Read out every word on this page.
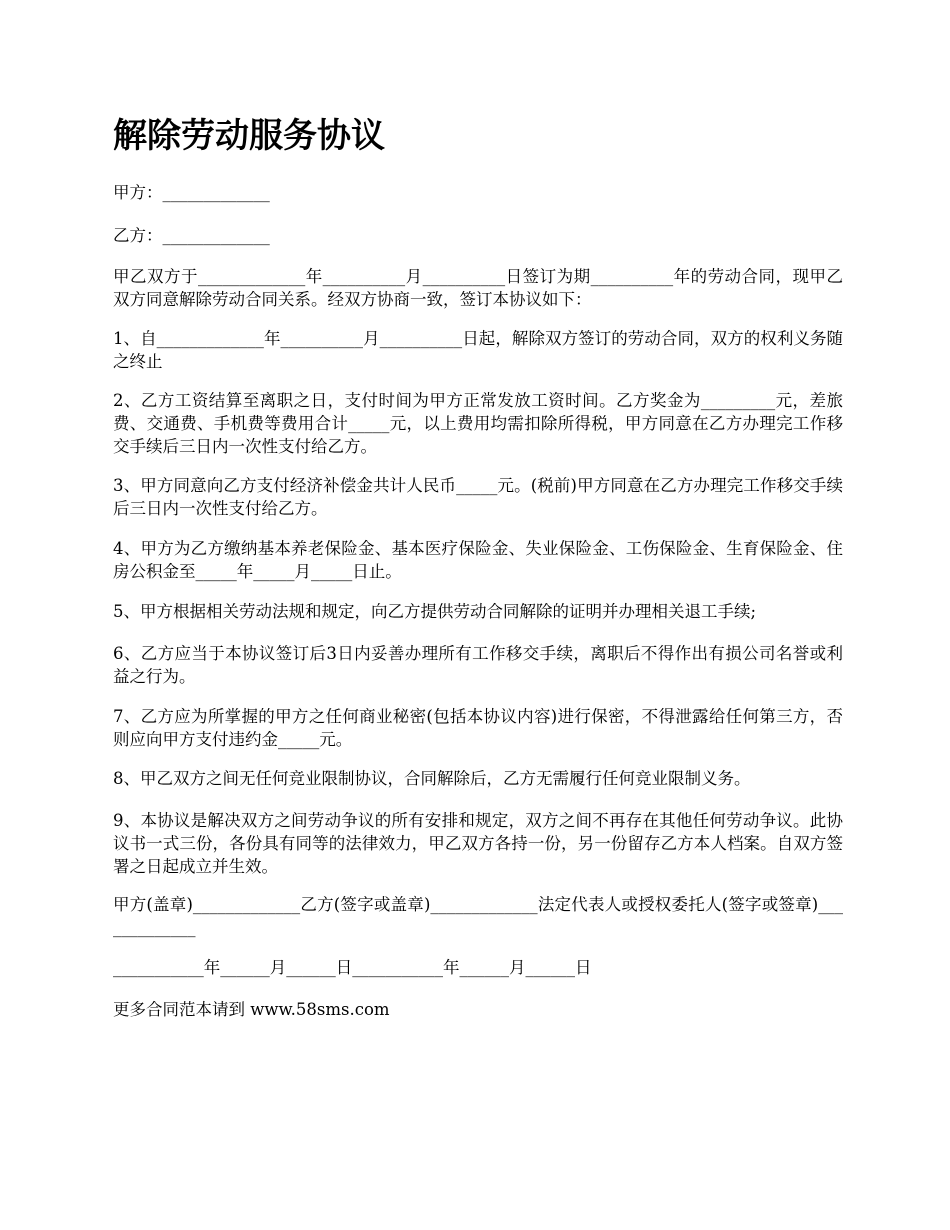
解除劳动服务协议

甲方：_____________

乙方：_____________

甲乙双方于_____________年__________月__________日签订为期__________年的劳动合同，现甲乙双方同意解除劳动合同关系。经双方协商一致，签订本协议如下：

1、自_____________年__________月__________日起，解除双方签订的劳动合同，双方的权利义务随之终止

2、乙方工资结算至离职之日，支付时间为甲方正常发放工资时间。乙方奖金为_________元，差旅费、交通费、手机费等费用合计_____元，以上费用均需扣除所得税，甲方同意在乙方办理完工作移交手续后三日内一次性支付给乙方。

3、甲方同意向乙方支付经济补偿金共计人民币_____元。(税前)甲方同意在乙方办理完工作移交手续后三日内一次性支付给乙方。

4、甲方为乙方缴纳基本养老保险金、基本医疗保险金、失业保险金、工伤保险金、生育保险金、住房公积金至_____年_____月_____日止。

5、甲方根据相关劳动法规和规定，向乙方提供劳动合同解除的证明并办理相关退工手续;

6、乙方应当于本协议签订后3日内妥善办理所有工作移交手续，离职后不得作出有损公司名誉或利益之行为。

7、乙方应为所掌握的甲方之任何商业秘密(包括本协议内容)进行保密，不得泄露给任何第三方，否则应向甲方支付违约金_____元。

8、甲乙双方之间无任何竞业限制协议，合同解除后，乙方无需履行任何竞业限制义务。

9、本协议是解决双方之间劳动争议的所有安排和规定，双方之间不再存在其他任何劳动争议。此协议书一式三份，各份具有同等的法律效力，甲乙双方各持一份，另一份留存乙方本人档案。自双方签署之日起成立并生效。

甲方(盖章)_____________乙方(签字或盖章)_____________法定代表人或授权委托人(签字或签章)_____________

___________年______月______日___________年______月______日

更多合同范本请到 www.58sms.com
